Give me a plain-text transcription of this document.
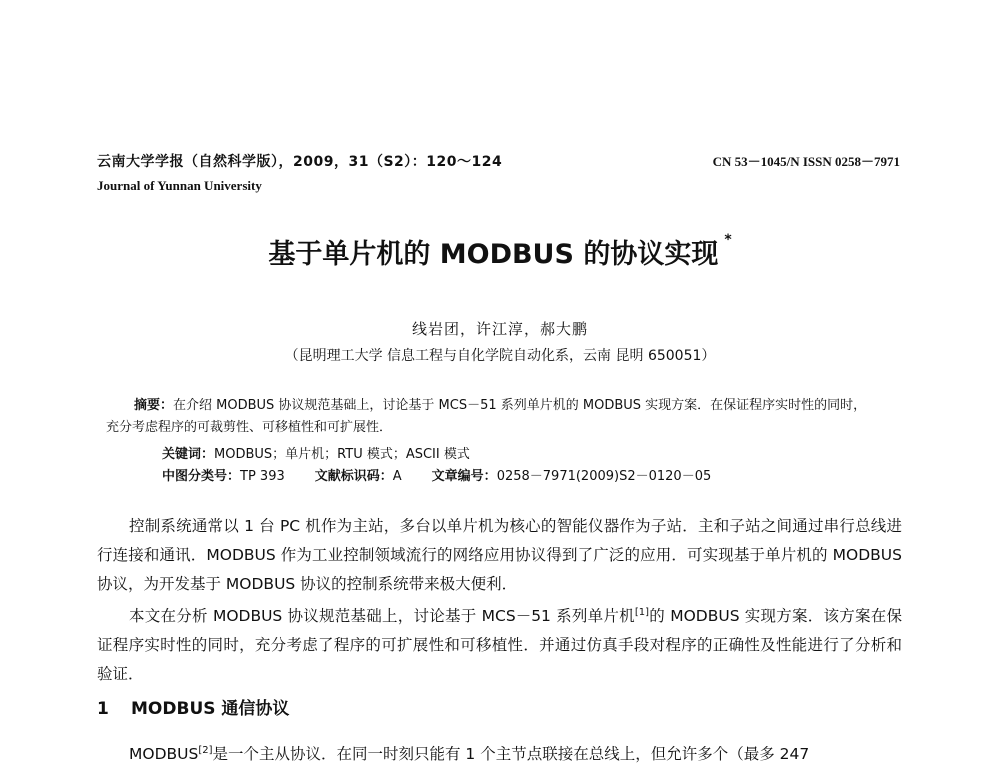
云南大学学报（自然科学版），2009，31（S2）：120～124
Journal of Yunnan University
CN 53－1045/N ISSN 0258－7971
基于单片机的 MODBUS 的协议实现 *
线岩团，许江淳，郝大鹏
（昆明理工大学 信息工程与自化学院自动化系，云南 昆明 650051）
摘要：在介绍 MODBUS 协议规范基础上，讨论基于 MCS－51 系列单片机的 MODBUS 实现方案．在保证程序实时性的同时，充分考虑程序的可裁剪性、可移植性和可扩展性．
关键词：MODBUS；单片机；RTU 模式；ASCII 模式
中图分类号：TP 393 文献标识码：A 文章编号：0258－7971(2009)S2－0120－05
控制系统通常以 1 台 PC 机作为主站，多台以单片机为核心的智能仪器作为子站．主和子站之间通过串行总线进行连接和通讯．MODBUS 作为工业控制领域流行的网络应用协议得到了广泛的应用．可实现基于单片机的 MODBUS 协议，为开发基于 MODBUS 协议的控制系统带来极大便利．
本文在分析 MODBUS 协议规范基础上，讨论基于 MCS－51 系列单片机[1]的 MODBUS 实现方案．该方案在保证程序实时性的同时，充分考虑了程序的可扩展性和可移植性．并通过仿真手段对程序的正确性及性能进行了分析和验证．
1 MODBUS 通信协议
MODBUS[2]是一个主从协议．在同一时刻只能有 1 个主节点联接在总线上，但允许多个（最多 247
